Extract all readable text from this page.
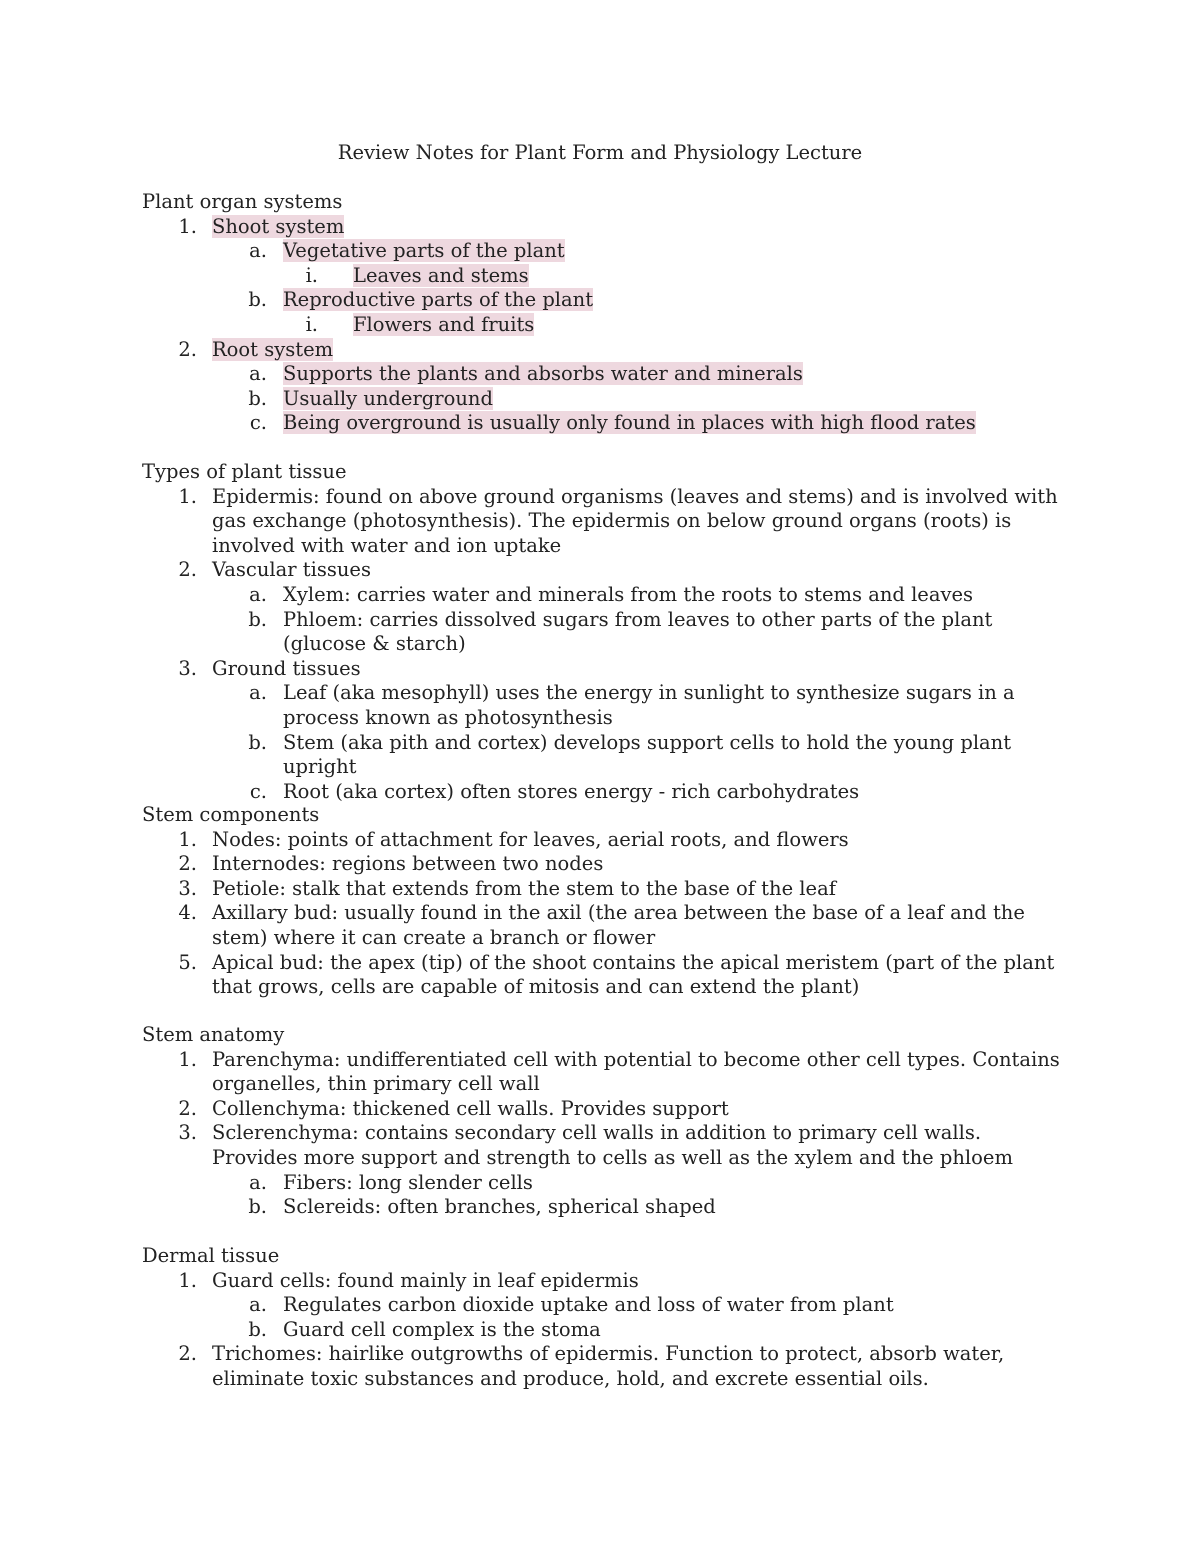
Review Notes for Plant Form and Physiology Lecture
Plant organ systems
1. Shoot system
a. Vegetative parts of the plant
i. Leaves and stems
b. Reproductive parts of the plant
i. Flowers and fruits
2. Root system
a. Supports the plants and absorbs water and minerals
b. Usually underground
c. Being overground is usually only found in places with high flood rates
Types of plant tissue
1. Epidermis: found on above ground organisms (leaves and stems) and is involved with gas exchange (photosynthesis). The epidermis on below ground organs (roots) is involved with water and ion uptake
2. Vascular tissues
a. Xylem: carries water and minerals from the roots to stems and leaves
b. Phloem: carries dissolved sugars from leaves to other parts of the plant (glucose & starch)
3. Ground tissues
a. Leaf (aka mesophyll) uses the energy in sunlight to synthesize sugars in a process known as photosynthesis
b. Stem (aka pith and cortex) develops support cells to hold the young plant upright
c. Root (aka cortex) often stores energy - rich carbohydrates
Stem components
1. Nodes: points of attachment for leaves, aerial roots, and flowers
2. Internodes: regions between two nodes
3. Petiole: stalk that extends from the stem to the base of the leaf
4. Axillary bud: usually found in the axil (the area between the base of a leaf and the stem) where it can create a branch or flower
5. Apical bud: the apex (tip) of the shoot contains the apical meristem (part of the plant that grows, cells are capable of mitosis and can extend the plant)
Stem anatomy
1. Parenchyma: undifferentiated cell with potential to become other cell types. Contains organelles, thin primary cell wall
2. Collenchyma: thickened cell walls. Provides support
3. Sclerenchyma: contains secondary cell walls in addition to primary cell walls. Provides more support and strength to cells as well as the xylem and the phloem
a. Fibers: long slender cells
b. Sclereids: often branches, spherical shaped
Dermal tissue
1. Guard cells: found mainly in leaf epidermis
a. Regulates carbon dioxide uptake and loss of water from plant
b. Guard cell complex is the stoma
2. Trichomes: hairlike outgrowths of epidermis. Function to protect, absorb water, eliminate toxic substances and produce, hold, and excrete essential oils.
